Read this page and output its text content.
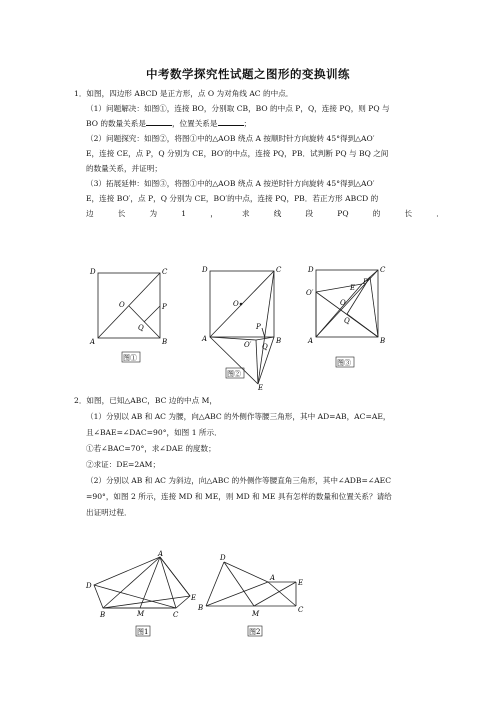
中考数学探究性试题之图形的变换训练
1．如图，四边形 ABCD 是正方形，点 O 为对角线 AC 的中点．
（1）问题解决：如图①，连接 BO，分别取 CB，BO 的中点 P，Q，连接 PQ，则 PQ 与
BO 的数量关系是	，位置关系是	；
（2）问题探究：如图②，将图①中的△AOB 绕点 A 按顺时针方向旋转 45°得到△AO′
E，连接 CE，点 P，Q 分别为 CE，BO′的中点，连接 PQ，PB．试判断 PQ 与 BQ 之间
的数量关系，并证明；
（3）拓展延伸：如图③，将图①中的△AOB 绕点 A 按逆时针方向旋转 45°得到△AO′
E，连接 BO′，点 P，Q 分别为 CE，BO′的中点，连接 PQ，PB．若正方形 ABCD 的
边	长	为	1	，	求	线	段	PQ	的	长	．
D	C
A	B
O	P
Q
图①
D	C
A	B
O
P
Q
O′
E
图②
D	C
A	B
O′
E
P
O
Q
图③
2．如图，已知△ABC，BC 边的中点 M，
（1）分别以 AB 和 AC 为腰，向△ABC 的外侧作等腰三角形，其中 AD=AB，AC=AE，
且∠BAE=∠DAC=90°，如图 1 所示．
①若∠BAC=70°，求∠DAE 的度数；
②求证：DE=2AM；
（2）分别以 AB 和 AC 为斜边，向△ABC 的外侧作等腰直角三角形，其中∠ADB=∠AEC
=90°，如图 2 所示，连接 MD 和 ME，则 MD 和 ME 具有怎样的数量和位置关系？请给
出证明过程．
A
D
E
B	M	C
图1
D
A
E
B
M	C
图2
